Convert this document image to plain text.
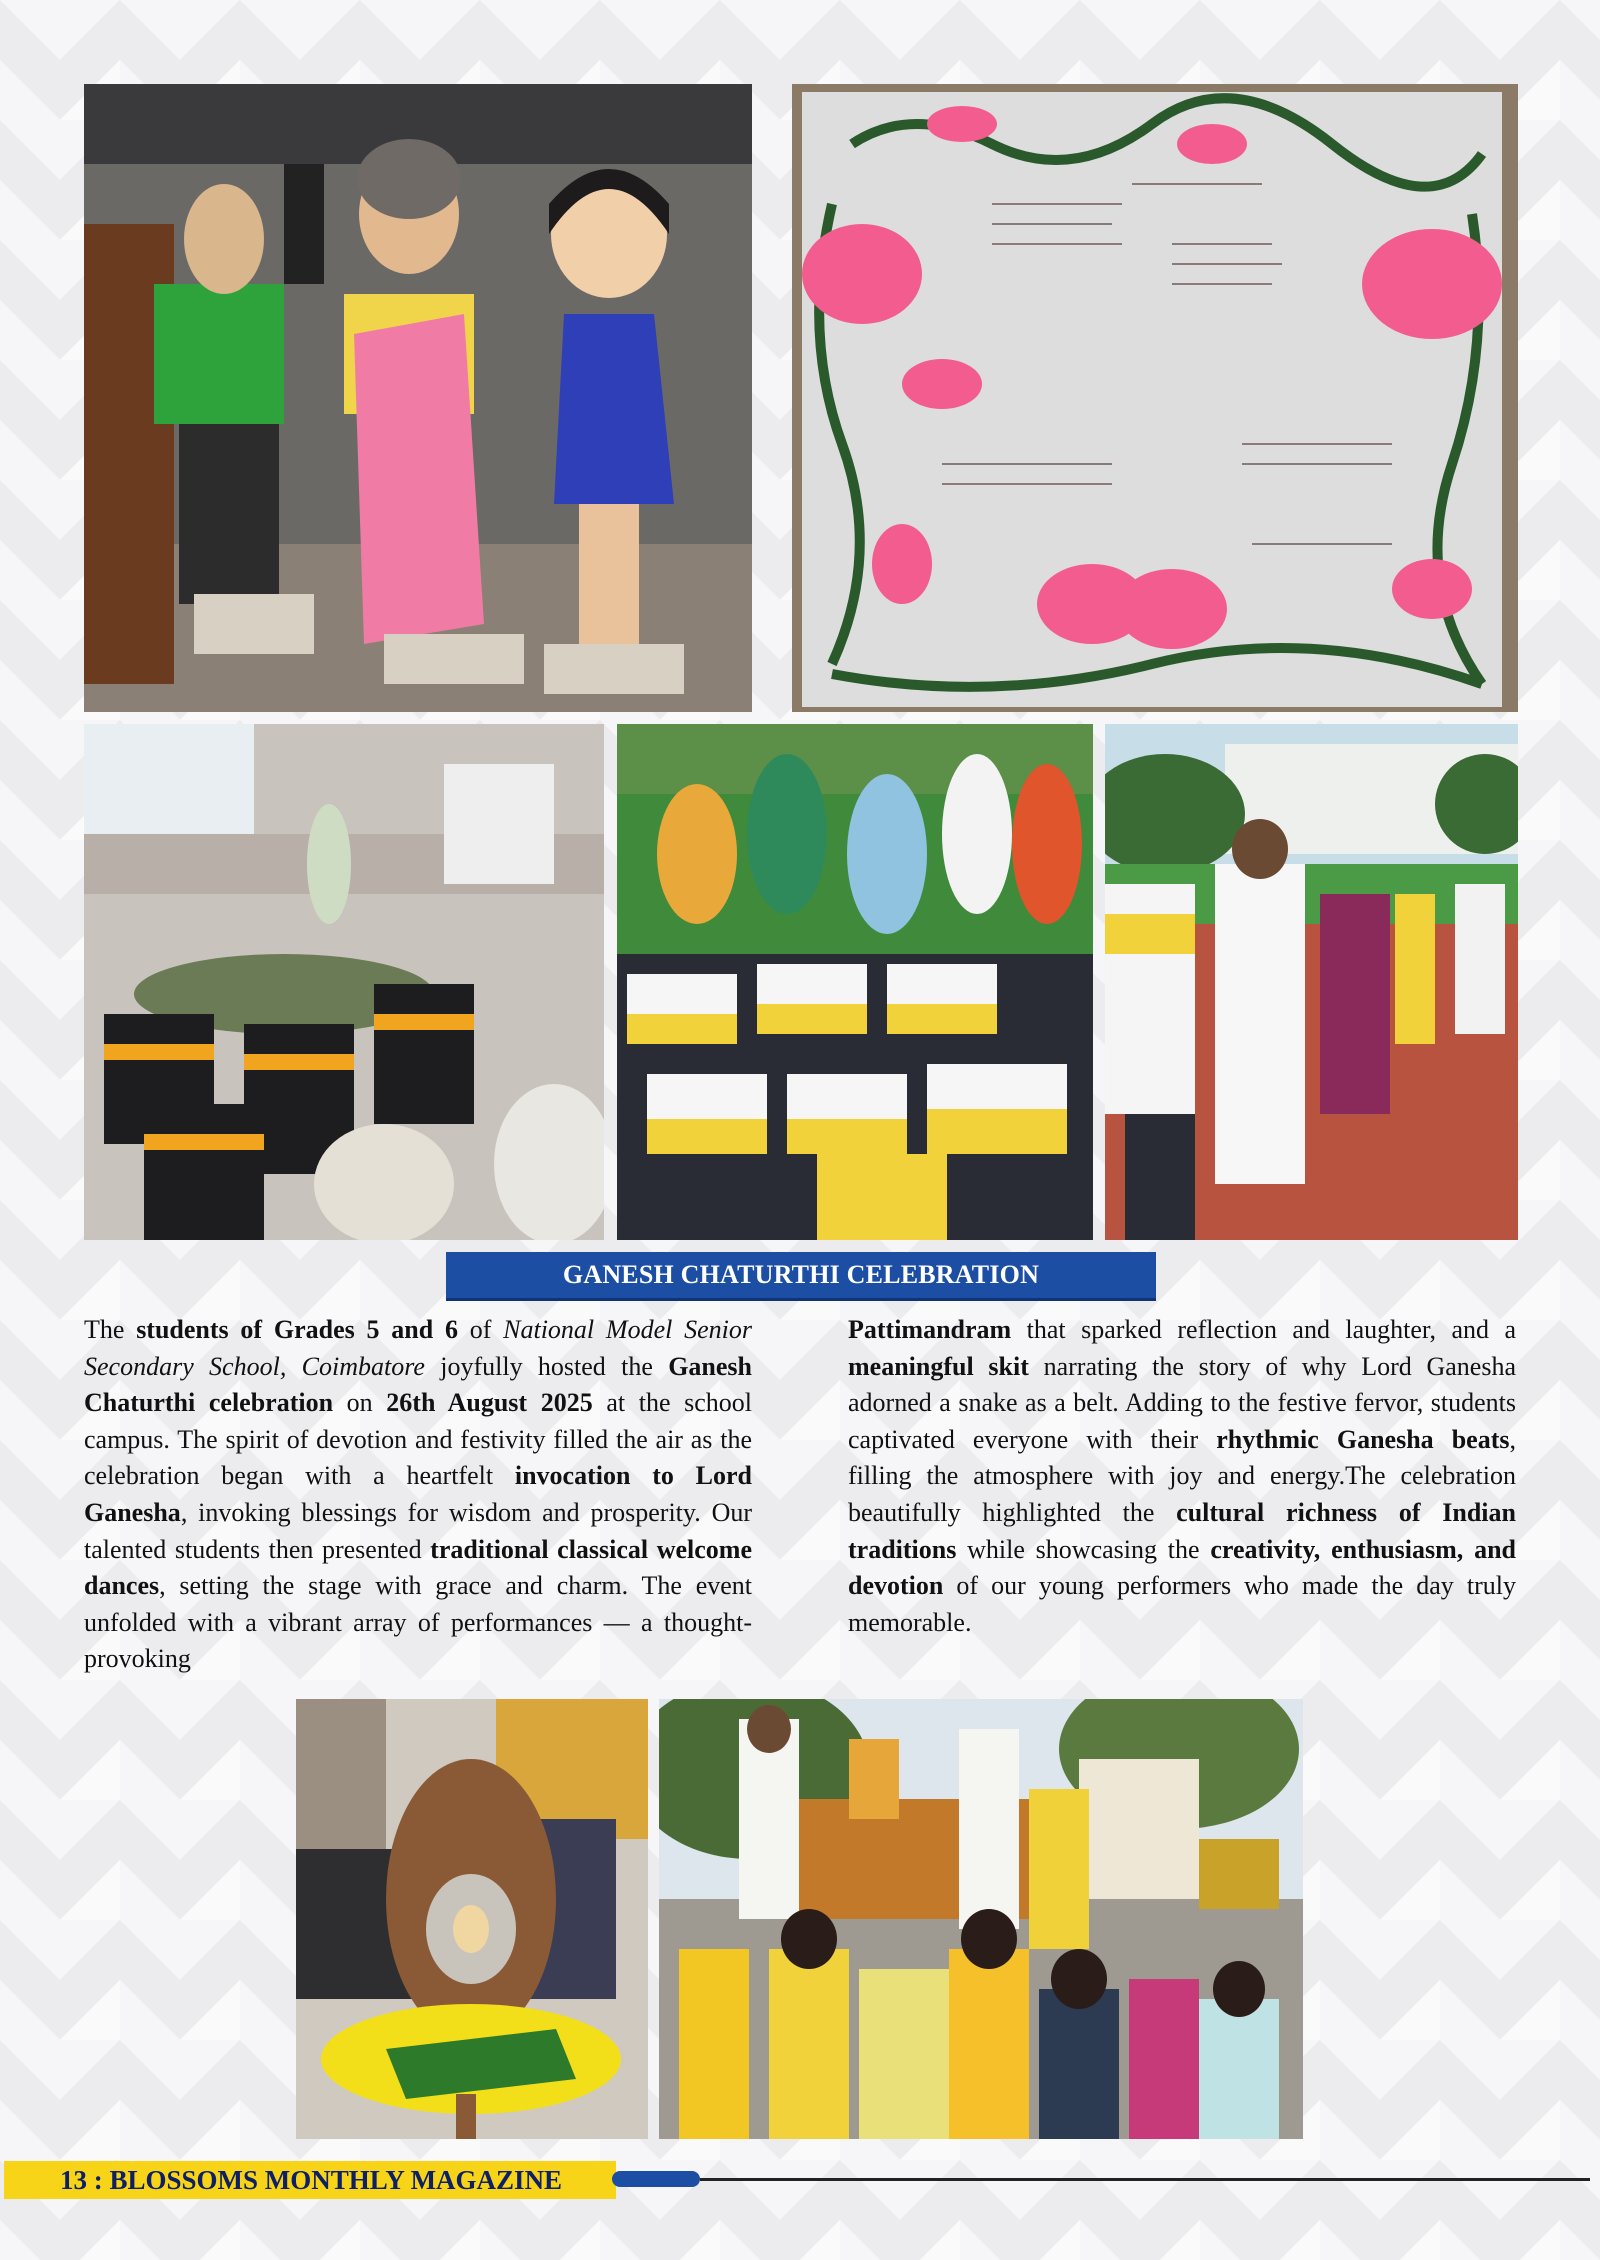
GANESH CHATURTHI CELEBRATION
The students of Grades 5 and 6 of National Model Senior Secondary School, Coimbatore joyfully hosted the Ganesh Chaturthi celebration on 26th August 2025 at the school campus. The spirit of devotion and festivity filled the air as the celebration began with a heartfelt invocation to Lord Ganesha, invoking blessings for wisdom and prosperity. Our talented students then presented traditional classical welcome dances, setting the stage with grace and charm. The event unfolded with a vibrant array of performances — a thought-provoking
Pattimandram that sparked reflection and laughter, and a meaningful skit narrating the story of why Lord Ganesha adorned a snake as a belt. Adding to the festive fervor, students captivated everyone with their rhythmic Ganesha beats, filling the atmosphere with joy and energy.The celebration beautifully highlighted the cultural richness of Indian traditions while showcasing the creativity, enthusiasm, and devotion of our young performers who made the day truly memorable.
13 : BLOSSOMS MONTHLY MAGAZINE
